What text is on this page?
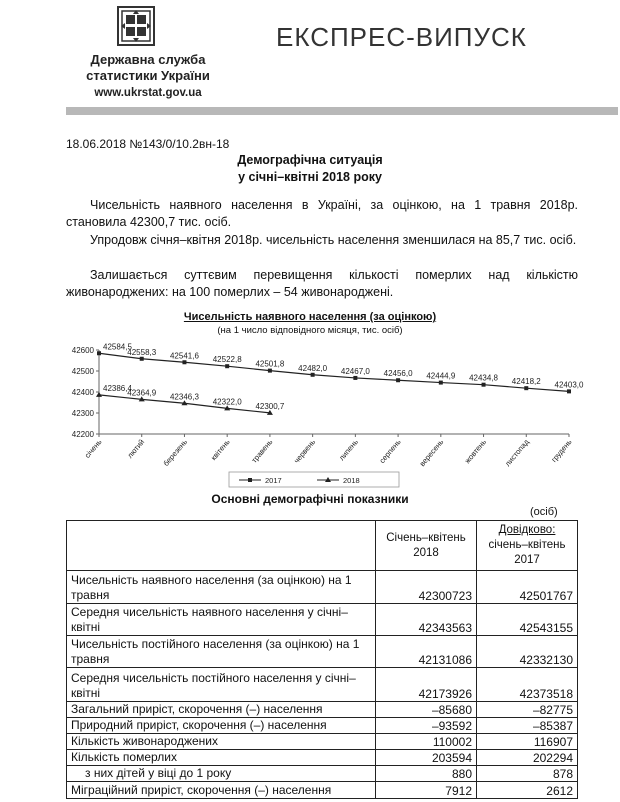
Державна служба
статистики України
www.ukrstat.gov.ua
ЕКСПРЕС-ВИПУСК
18.06.2018 №143/0/10.2вн-18
Демографічна ситуація
у січні–квітні 2018 року
Чисельність наявного населення в Україні, за оцінкою, на 1 травня 2018р. становила 42300,7 тис. осіб.
Упродовж січня–квітня 2018р. чисельність населення зменшилася на 85,7 тис. осіб.
Залишається суттєвим перевищення кількості померлих над кількістю живонароджених: на 100 померлих – 54 живонароджені.
Чисельність наявного населення (за оцінкою)
(на 1 число відповідного місяця, тис. осіб)
42200
42300
42400
42500
42600
січень	лютий березень	квітень травень червень	липень серпень вересень жовтень листопад грудень
42584,5
42558,3 42541,6 42522,8 42501,8 42482,0 42467,0 42456,0 42444,9 42434,8 42418,2 42403,0
42386,4
42364,9 42346,3
42322,0 42300,7
2017	2018
Основні демографічні показники
(осіб)
	Січень–квітень 2018	Довідково:
січень–квітень 2017

Чисельність наявного населення (за оцінкою) на 1 травня	42300723	42501767
Середня чисельність наявного населення у січні–квітні	42343563	42543155
Чисельність постійного населення (за оцінкою) на 1 травня	42131086	42332130
Середня чисельність постійного населення у січні–квітні	42173926	42373518
Загальний приріст, скорочення (–) населення	–85680	–82775
Природний приріст, скорочення (–) населення	–93592	–85387
Кількість живонароджених	110002	116907
Кількість померлих	203594	202294
з них дітей у віці до 1 року	880	878
Міграційний приріст, скорочення (–) населення	7912	2612
